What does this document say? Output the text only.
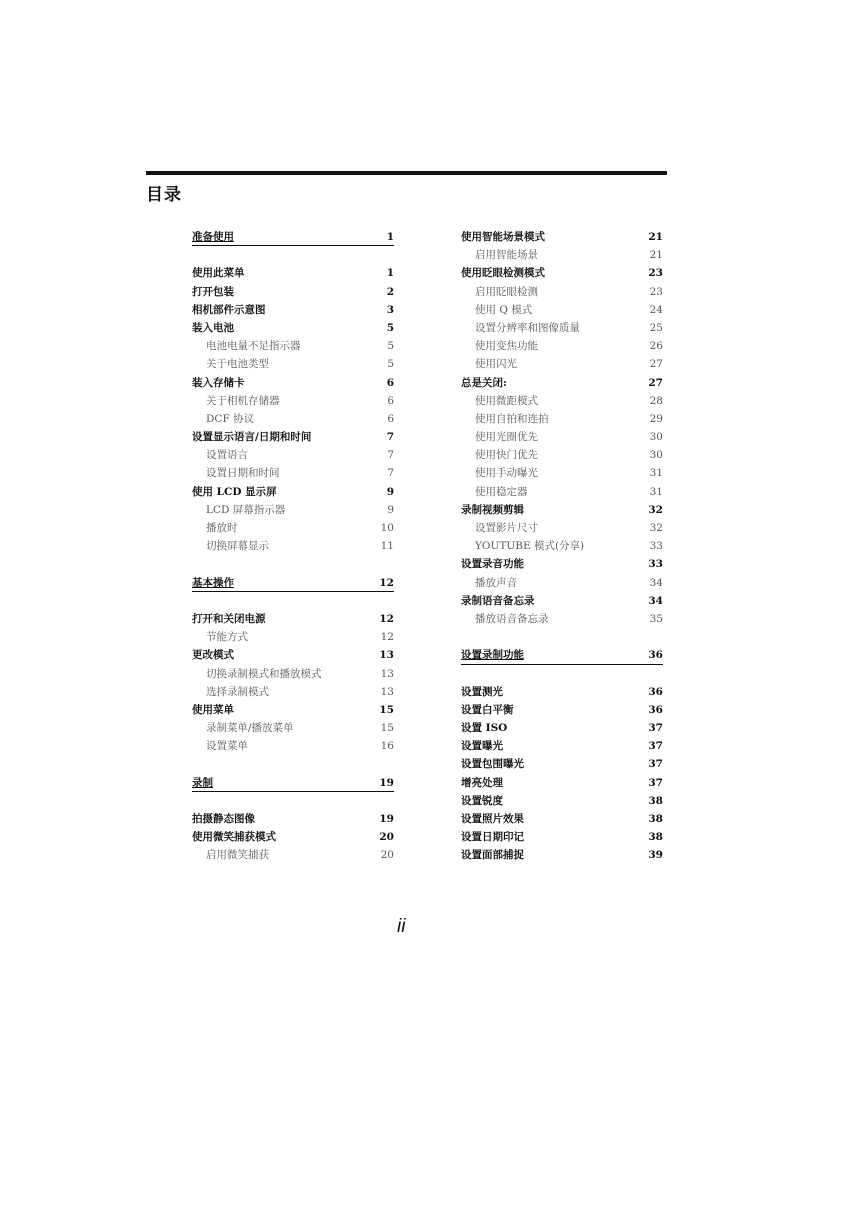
目录
准备使用	1
使用此菜单	1
打开包装	2
相机部件示意图	3
装入电池	5
电池电量不足指示器	5
关于电池类型	5
装入存储卡	6
关于相机存储器	6
DCF 协议	6
设置显示语言/日期和时间	7
设置语言	7
设置日期和时间	7
使用 LCD 显示屏	9
LCD 屏幕指示器	9
播放时	10
切换屏幕显示	11
基本操作	12
打开和关闭电源	12
节能方式	12
更改模式	13
切换录制模式和播放模式	13
选择录制模式	13
使用菜单	15
录制菜单/播放菜单	15
设置菜单	16
录制	19
拍摄静态图像	19
使用微笑捕获模式	20
启用微笑捕获	20
使用智能场景模式	21
启用智能场景	21
使用眨眼检测模式	23
启用眨眼检测	23
使用 Q 模式	24
设置分辨率和图像质量	25
使用变焦功能	26
使用闪光	27
总是关闭:	27
使用微距模式	28
使用自拍和连拍	29
使用光圈优先	30
使用快门优先	30
使用手动曝光	31
使用稳定器	31
录制视频剪辑	32
设置影片尺寸	32
YOUTUBE 模式(分享)	33
设置录音功能	33
播放声音	34
录制语音备忘录	34
播放语音备忘录	35
设置录制功能	36
设置测光	36
设置白平衡	36
设置 ISO	37
设置曝光	37
设置包围曝光	37
增亮处理	37
设置锐度	38
设置照片效果	38
设置日期印记	38
设置面部捕捉	39
ii
